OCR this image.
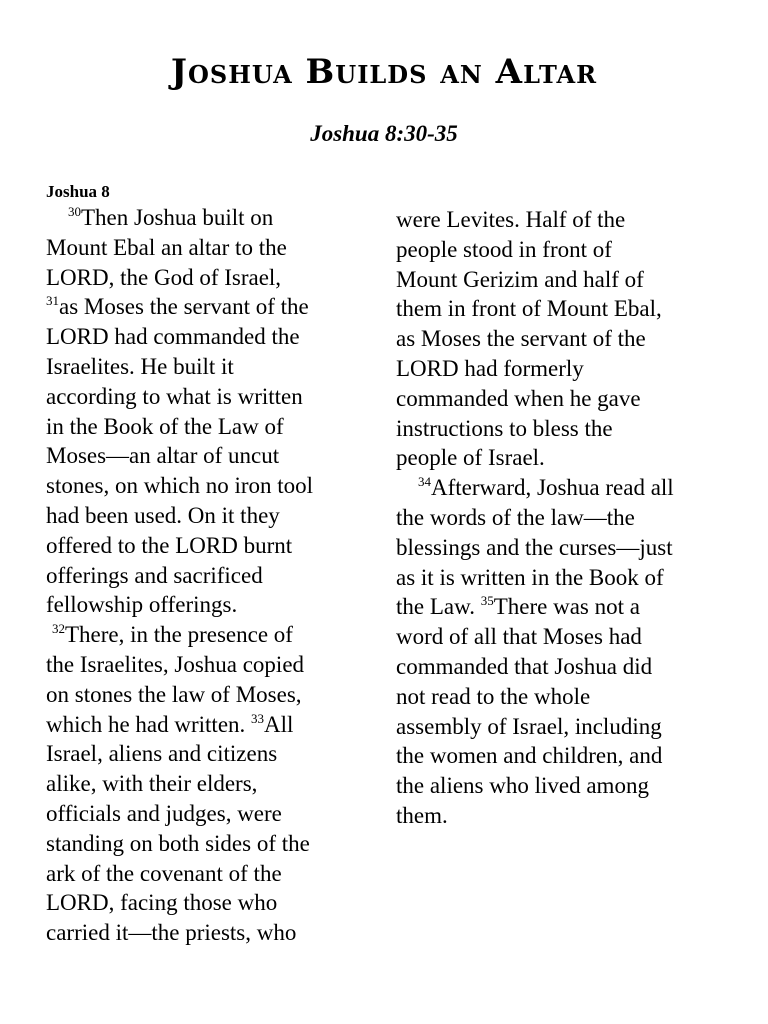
Joshua Builds an Altar
Joshua 8:30-35
Joshua 8
$^{30}$Then Joshua built on
Mount Ebal an altar to the
LORD, the God of Israel,
$^{31}$as Moses the servant of the
LORD had commanded the
Israelites. He built it
according to what is written
in the Book of the Law of
Moses—an altar of uncut
stones, on which no iron tool
had been used. On it they
offered to the LORD burnt
offerings and sacrificed
fellowship offerings.
$^{32}$There, in the presence of
the Israelites, Joshua copied
on stones the law of Moses,
which he had written. $^{33}$All
Israel, aliens and citizens
alike, with their elders,
officials and judges, were
standing on both sides of the
ark of the covenant of the
LORD, facing those who
carried it—the priests, who
were Levites. Half of the
people stood in front of
Mount Gerizim and half of
them in front of Mount Ebal,
as Moses the servant of the
LORD had formerly
commanded when he gave
instructions to bless the
people of Israel.
$^{34}$Afterward, Joshua read all
the words of the law—the
blessings and the curses—just
as it is written in the Book of
the Law. $^{35}$There was not a
word of all that Moses had
commanded that Joshua did
not read to the whole
assembly of Israel, including
the women and children, and
the aliens who lived among
them.
